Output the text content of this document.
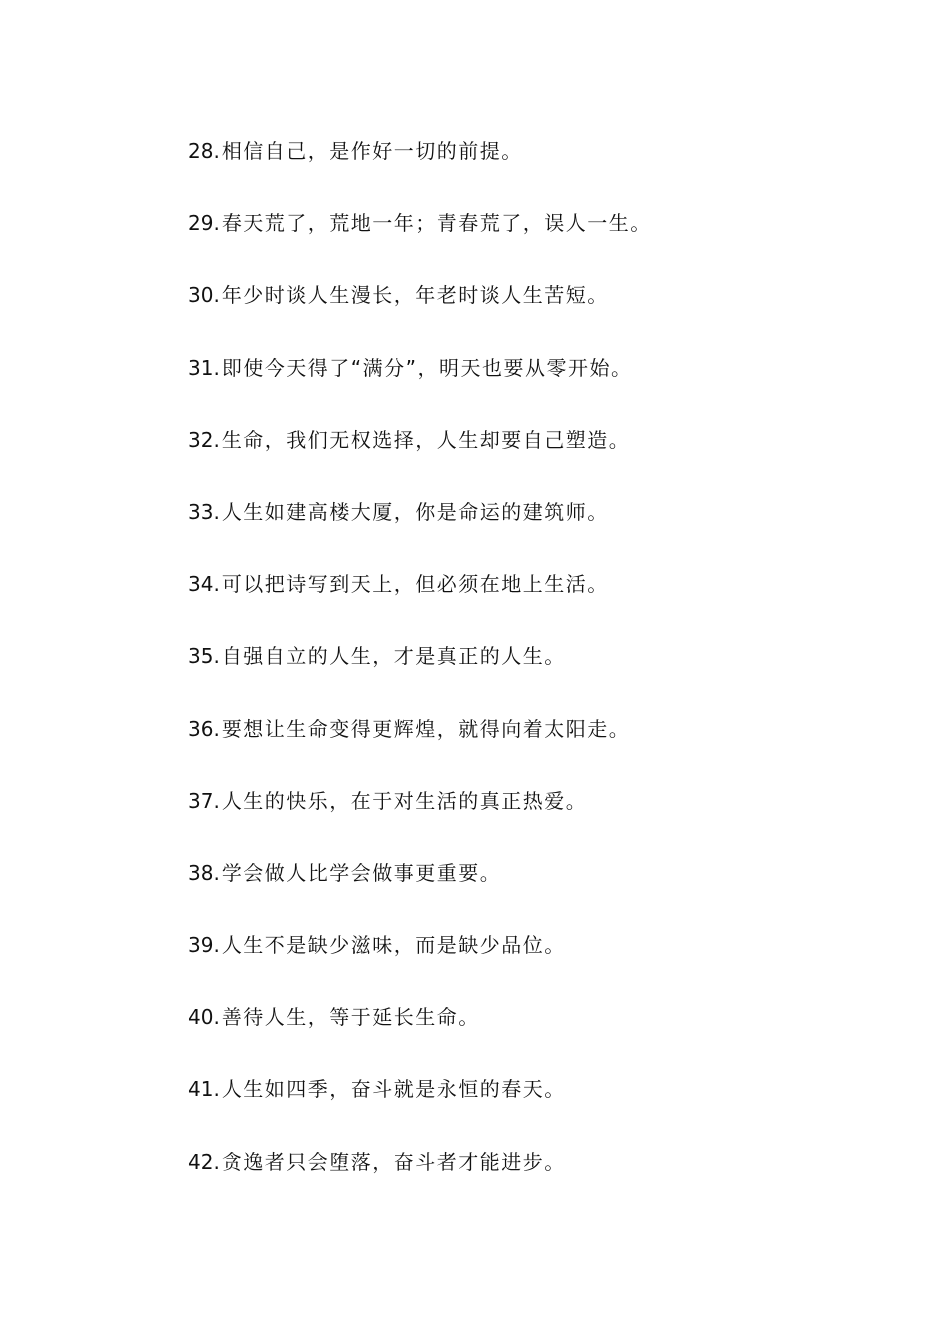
28. 相信自己，是作好一切的前提。
29. 春天荒了，荒地一年；青春荒了，误人一生。
30. 年少时谈人生漫长，年老时谈人生苦短。
31. 即使今天得了“满分”，明天也要从零开始。
32. 生命，我们无权选择，人生却要自己塑造。
33. 人生如建高楼大厦，你是命运的建筑师。
34. 可以把诗写到天上，但必须在地上生活。
35. 自强自立的人生，才是真正的人生。
36. 要想让生命变得更辉煌，就得向着太阳走。
37. 人生的快乐，在于对生活的真正热爱。
38. 学会做人比学会做事更重要。
39. 人生不是缺少滋味，而是缺少品位。
40. 善待人生，等于延长生命。
41. 人生如四季，奋斗就是永恒的春天。
42. 贪逸者只会堕落，奋斗者才能进步。
